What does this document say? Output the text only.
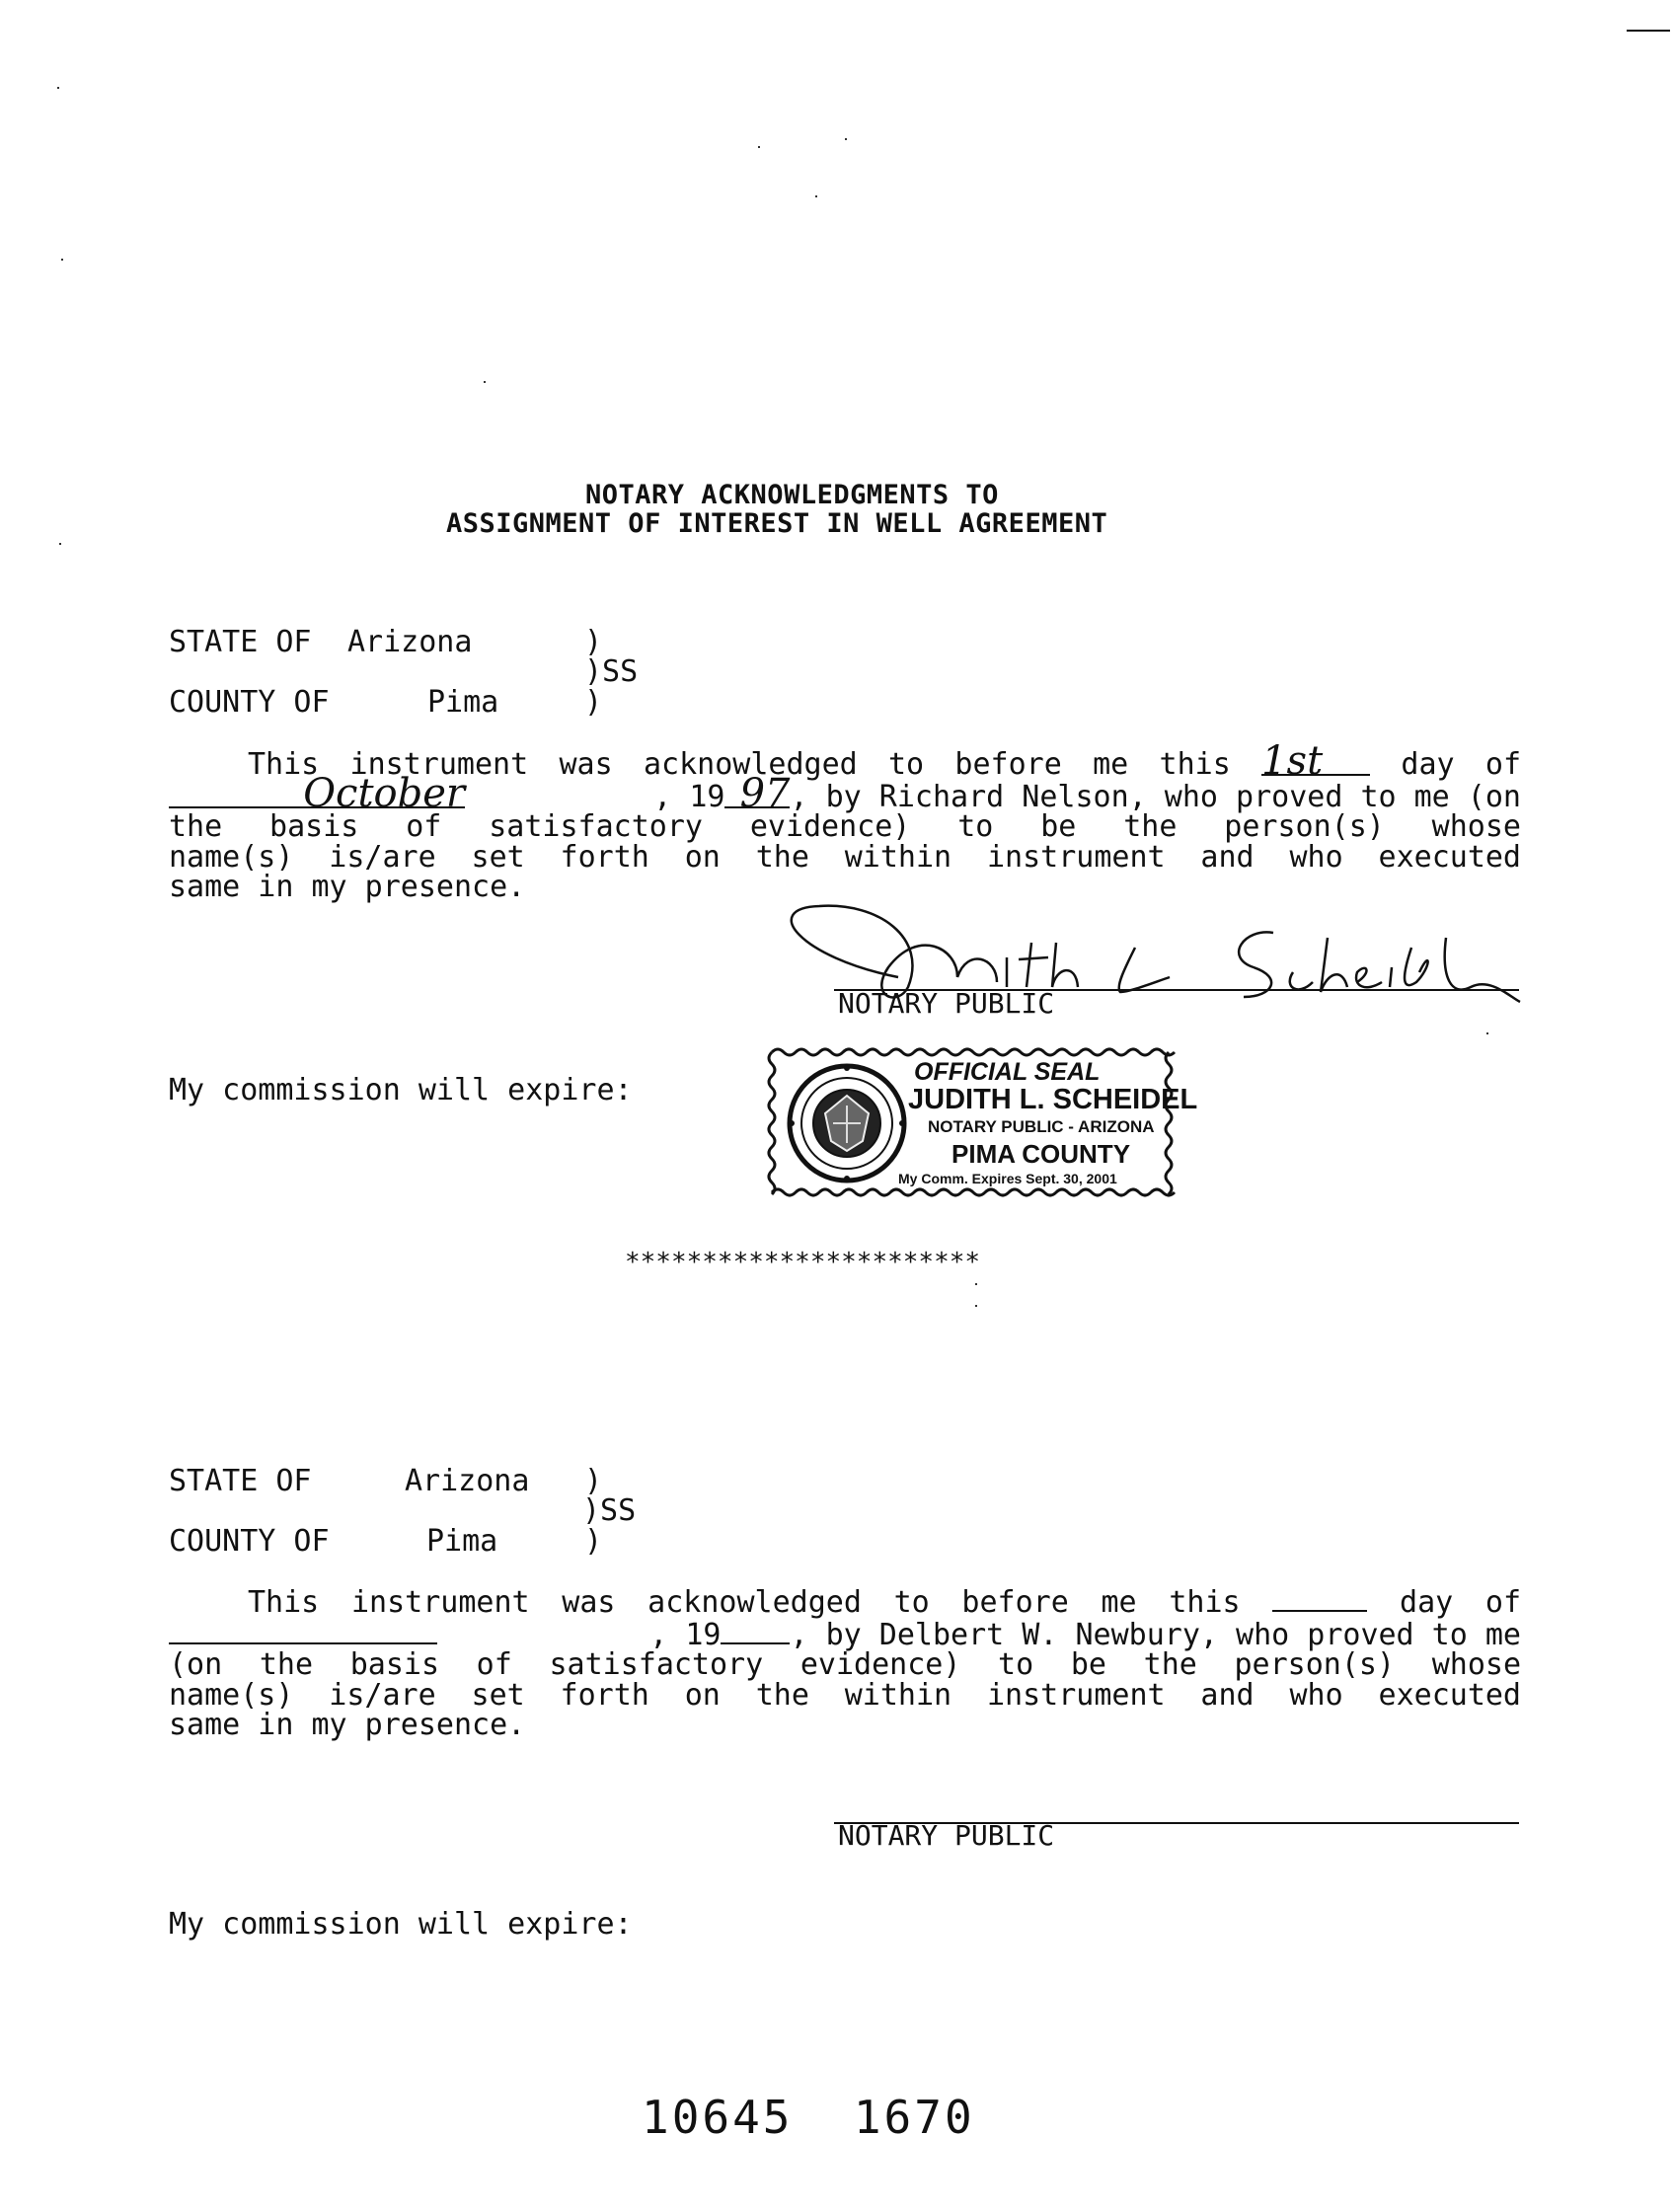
NOTARY ACKNOWLEDGMENTS TO
ASSIGNMENT OF INTEREST IN WELL AGREEMENT
STATE OF Arizona	)
)SS
COUNTY OF	Pima	)
This instrument was acknowledged to before me this 1st	day of
October	, 19 97, by Richard Nelson, who proved to me (on
the basis of satisfactory evidence) to be the person(s) whose
name(s) is/are set forth on the within instrument and who executed
same in my presence.
NOTARY PUBLIC
My commission will expire:
OFFICIAL SEAL
JUDITH L. SCHEIDEL
NOTARY PUBLIC - ARIZONA
PIMA COUNTY
My Comm. Expires Sept. 30, 2001
***********************
STATE OF	Arizona )
)SS
COUNTY OF	Pima	)
This instrument was acknowledged to before me this	day of
, 19 , by Delbert W. Newbury, who proved to me
(on the basis of satisfactory evidence) to be the person(s) whose
name(s) is/are set forth on the within instrument and who executed
same in my presence.
NOTARY PUBLIC
My commission will expire:
10645  1670
